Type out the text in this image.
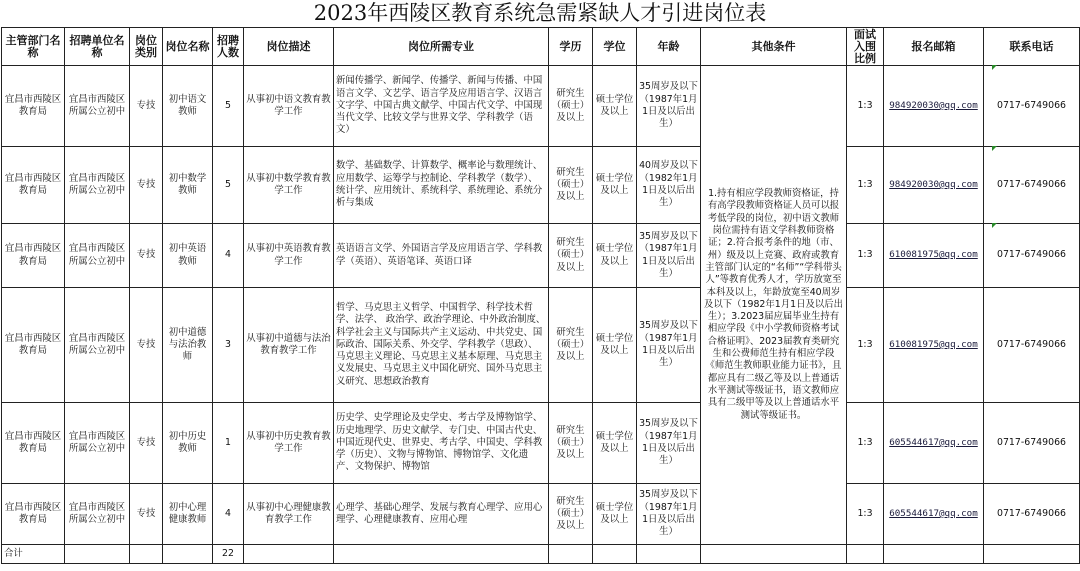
2023年西陵区教育系统急需紧缺人才引进岗位表
主管部门名称	招聘单位名称	岗位类别	岗位名称	招聘人数	岗位描述	岗位所需专业	学历	学位	年龄	其他条件	面试入围比例	报名邮箱	联系电话
宜昌市西陵区教育局	宜昌市西陵区所属公立初中	专技	初中语文教师	5	从事初中语文教育教学工作	新闻传播学、新闻学、传播学、新闻与传播、中国语言文学、文艺学、语言学及应用语言学、汉语言文字学、中国古典文献学、中国古代文学、中国现当代文学、比较文学与世界文学、学科教学（语文）	研究生（硕士）及以上	硕士学位及以上	35周岁及以下（1987年1月1日及以后出生）	1.持有相应学段教师资格证，持有高学段教师资格证人员可以报考低学段的岗位，初中语文教师岗位需持有语文学科教师资格证；2.符合报考条件的地（市、州）级及以上竞赛、政府或教育主管部门认定的“名师”“学科带头人”等教育优秀人才，学历放宽至本科及以上，年龄放宽至40周岁及以下（1982年1月1日及以后出生）；3.2023届应届毕业生持有相应学段《中小学教师资格考试合格证明》、2023届教育类研究生和公费师范生持有相应学段《师范生教师职业能力证书》，且都应具有二级乙等及以上普通话水平测试等级证书，语文教师应具有二级甲等及以上普通话水平测试等级证书。	1:3	984920030@qq.com	0717-6749066
宜昌市西陵区教育局	宜昌市西陵区所属公立初中	专技	初中数学教师	5	从事初中数学教育教学工作	数学、基础数学、计算数学、概率论与数理统计、应用数学、运筹学与控制论、学科教学（数学）、统计学、应用统计、系统科学、系统理论、系统分析与集成	研究生（硕士）及以上	硕士学位及以上	40周岁及以下（1982年1月1日及以后出生）		1:3	984920030@qq.com	0717-6749066
宜昌市西陵区教育局	宜昌市西陵区所属公立初中	专技	初中英语教师	4	从事初中英语教育教学工作	英语语言文学、外国语言学及应用语言学、学科教学（英语）、英语笔译、英语口译	研究生（硕士）及以上	硕士学位及以上	35周岁及以下（1987年1月1日及以后出生）		1:3	610081975@qq.com	0717-6749066
宜昌市西陵区教育局	宜昌市西陵区所属公立初中	专技	初中道德与法治教师	3	从事初中道德与法治教育教学工作	哲学、马克思主义哲学、中国哲学、科学技术哲学、法学、 政治学、政治学理论、中外政治制度、科学社会主义与国际共产主义运动、中共党史、国际政治、国际关系、外交学、学科教学（思政）、马克思主义理论、马克思主义基本原理、马克思主义发展史、马克思主义中国化研究、国外马克思主义研究、思想政治教育	研究生（硕士）及以上	硕士学位及以上	35周岁及以下（1987年1月1日及以后出生）		1:3	610081975@qq.com	0717-6749066
宜昌市西陵区教育局	宜昌市西陵区所属公立初中	专技	初中历史教师	1	从事初中历史教育教学工作	历史学、史学理论及史学史、考古学及博物馆学、历史地理学、历史文献学、专门史、中国古代史、中国近现代史、世界史、考古学、中国史、学科教学（历史）、文物与博物馆、博物馆学、文化遗产、文物保护、博物馆	研究生（硕士）及以上	硕士学位及以上	35周岁及以下（1987年1月1日及以后出生）		1:3	605544617@qq.com	0717-6749066
宜昌市西陵区教育局	宜昌市西陵区所属公立初中	专技	初中心理健康教师	4	从事初中心理健康教育教学工作	心理学、基础心理学、发展与教育心理学、应用心理学、心理健康教育、应用心理	研究生（硕士）及以上	硕士学位及以上	35周岁及以下（1987年1月1日及以后出生）		1:3	605544617@qq.com	0717-6749066
合计				22									
